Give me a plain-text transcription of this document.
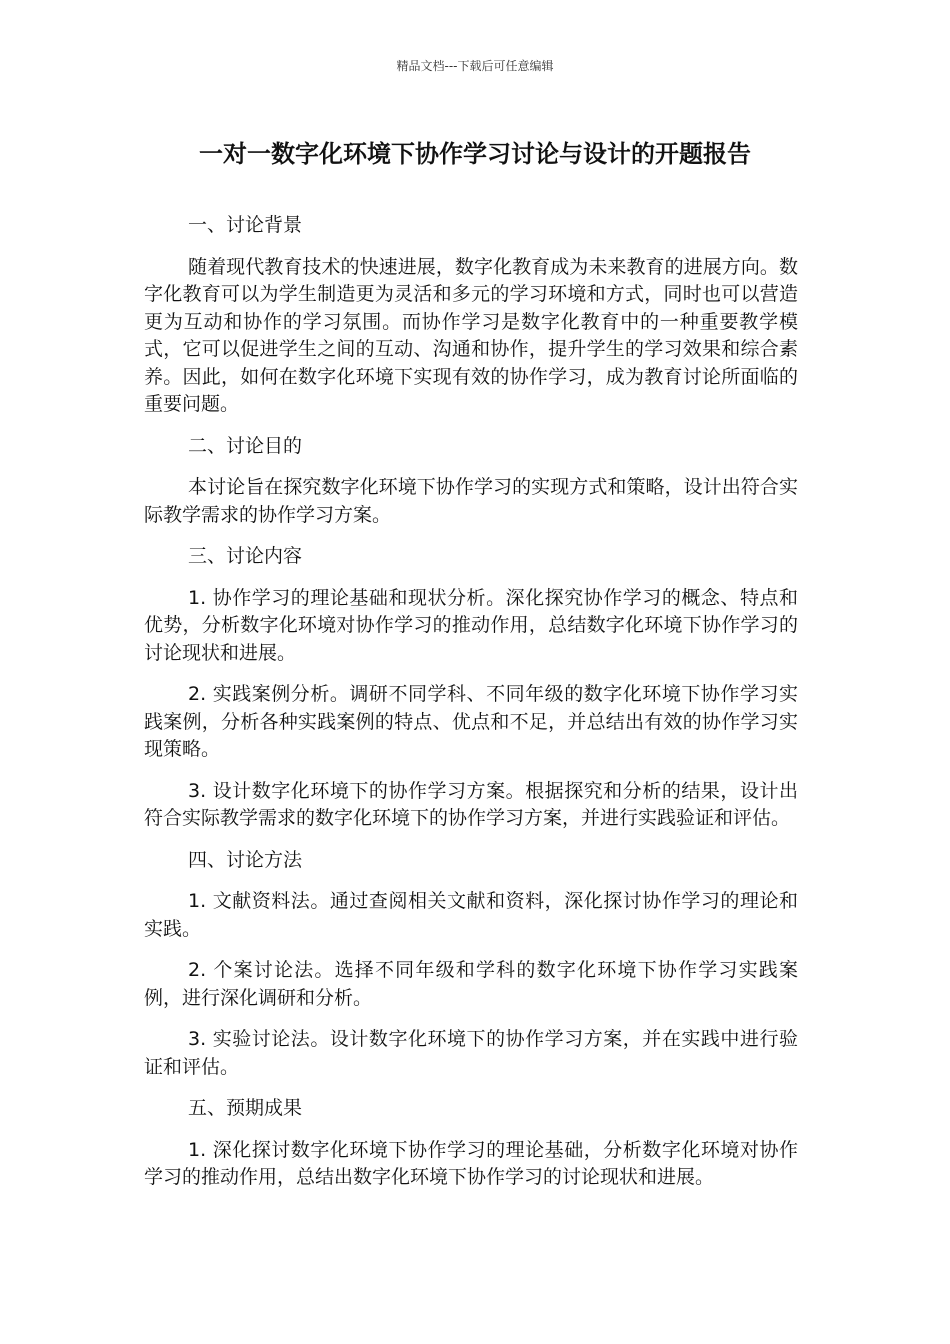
精品文档---下载后可任意编辑
一对一数字化环境下协作学习讨论与设计的开题报告
一、讨论背景

随着现代教育技术的快速进展，数字化教育成为未来教育的进展方向。数字化教育可以为学生制造更为灵活和多元的学习环境和方式，同时也可以营造更为互动和协作的学习氛围。而协作学习是数字化教育中的一种重要教学模式，它可以促进学生之间的互动、沟通和协作，提升学生的学习效果和综合素养。因此，如何在数字化环境下实现有效的协作学习，成为教育讨论所面临的重要问题。

二、讨论目的

本讨论旨在探究数字化环境下协作学习的实现方式和策略，设计出符合实际教学需求的协作学习方案。

三、讨论内容

1. 协作学习的理论基础和现状分析。深化探究协作学习的概念、特点和优势，分析数字化环境对协作学习的推动作用，总结数字化环境下协作学习的讨论现状和进展。

2. 实践案例分析。调研不同学科、不同年级的数字化环境下协作学习实践案例，分析各种实践案例的特点、优点和不足，并总结出有效的协作学习实现策略。

3. 设计数字化环境下的协作学习方案。根据探究和分析的结果，设计出符合实际教学需求的数字化环境下的协作学习方案，并进行实践验证和评估。

四、讨论方法

1. 文献资料法。通过查阅相关文献和资料，深化探讨协作学习的理论和实践。

2. 个案讨论法。选择不同年级和学科的数字化环境下协作学习实践案例，进行深化调研和分析。

3. 实验讨论法。设计数字化环境下的协作学习方案，并在实践中进行验证和评估。

五、预期成果

1. 深化探讨数字化环境下协作学习的理论基础，分析数字化环境对协作学习的推动作用，总结出数字化环境下协作学习的讨论现状和进展。
